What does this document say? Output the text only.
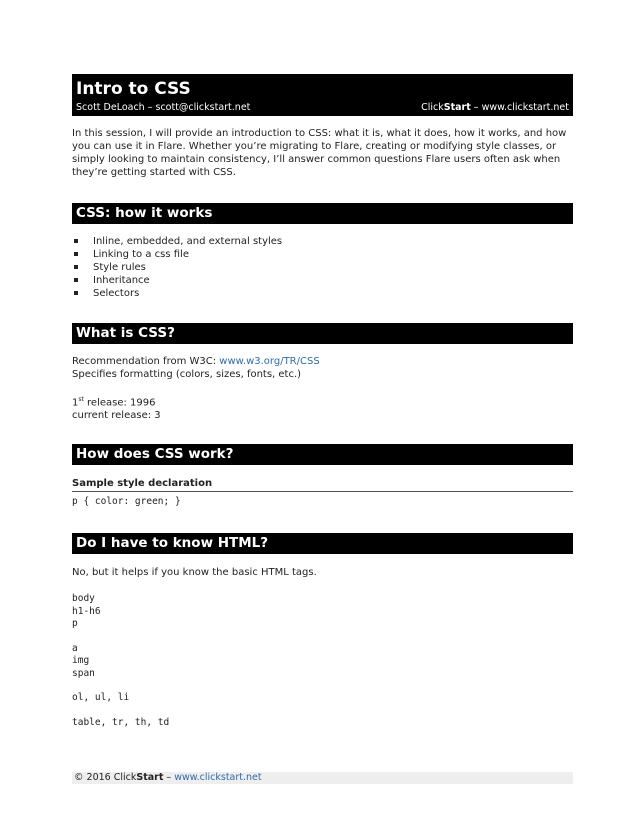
Intro to CSS
Scott DeLoach – scott@clickstart.net	ClickStart – www.clickstart.net

In this session, I will provide an introduction to CSS: what it is, what it does, how it works, and how you can use it in Flare. Whether you’re migrating to Flare, creating or modifying style classes, or simply looking to maintain consistency, I’ll answer common questions Flare users often ask when they’re getting started with CSS.

CSS: how it works
Inline, embedded, and external styles
Linking to a css file
Style rules
Inheritance
Selectors
What is CSS?
Recommendation from W3C: www.w3.org/TR/CSS
Specifies formatting (colors, sizes, fonts, etc.)
1st release: 1996
current release: 3
How does CSS work?
Sample style declaration
p { color: green; }
Do I have to know HTML?
No, but it helps if you know the basic HTML tags.
body
h1-h6
p
a
img
span
ol, ul, li
table, tr, th, td
© 2016 ClickStart – www.clickstart.net
